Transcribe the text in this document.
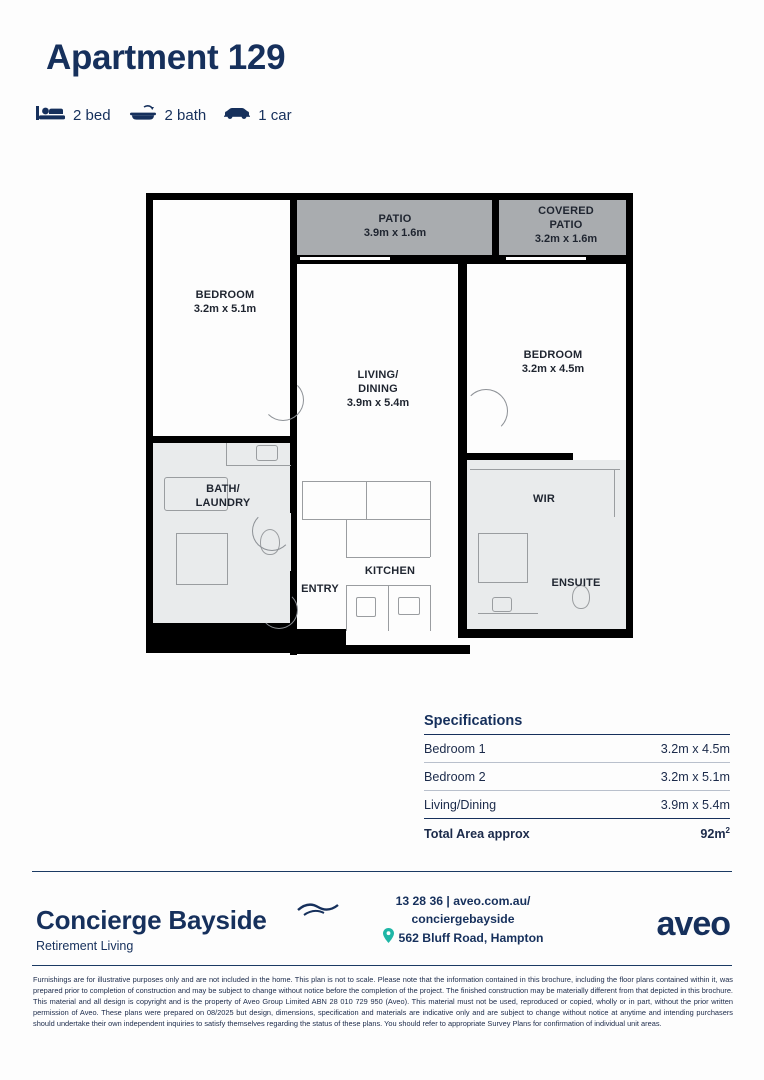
Apartment 129
2 bed	2 bath	1 car
BEDROOM
3.2m x 5.1m
PATIO
3.9m x 1.6m
COVERED
PATIO
3.2m x 1.6m
LIVING/
DINING
3.9m x 5.4m
BEDROOM
3.2m x 4.5m
BATH/
LAUNDRY	WIR
KITCHEN
ENTRY	ENSUITE
Specifications
Bedroom 1	3.2m x 4.5m
Bedroom 2	3.2m x 5.1m
Living/Dining	3.9m x 5.4m
Total Area approx	$92m^2$
Concierge Bayside
Retirement Living
13 28 36 | aveo.com.au/
conciergebayside
562 Bluff Road, Hampton	aveo
Furnishings are for illustrative purposes only and are not included in the home. This plan is not to scale. Please note that the information contained in this brochure, including the floor plans contained within it, was prepared prior to completion of construction and may be subject to change without notice before the completion of the project. The finished construction may be materially different from that depicted in this brochure. This material and all design is copyright and is the property of Aveo Group Limited ABN 28 010 729 950 (Aveo). This material must not be used, reproduced or copied, wholly or in part, without the prior written permission of Aveo. These plans were prepared on 08/2025 but design, dimensions, specification and materials are indicative only and are subject to change without notice at anytime and intending purchasers should undertake their own independent inquiries to satisfy themselves regarding the status of these plans. You should refer to appropriate Survey Plans for confirmation of individual unit areas.
